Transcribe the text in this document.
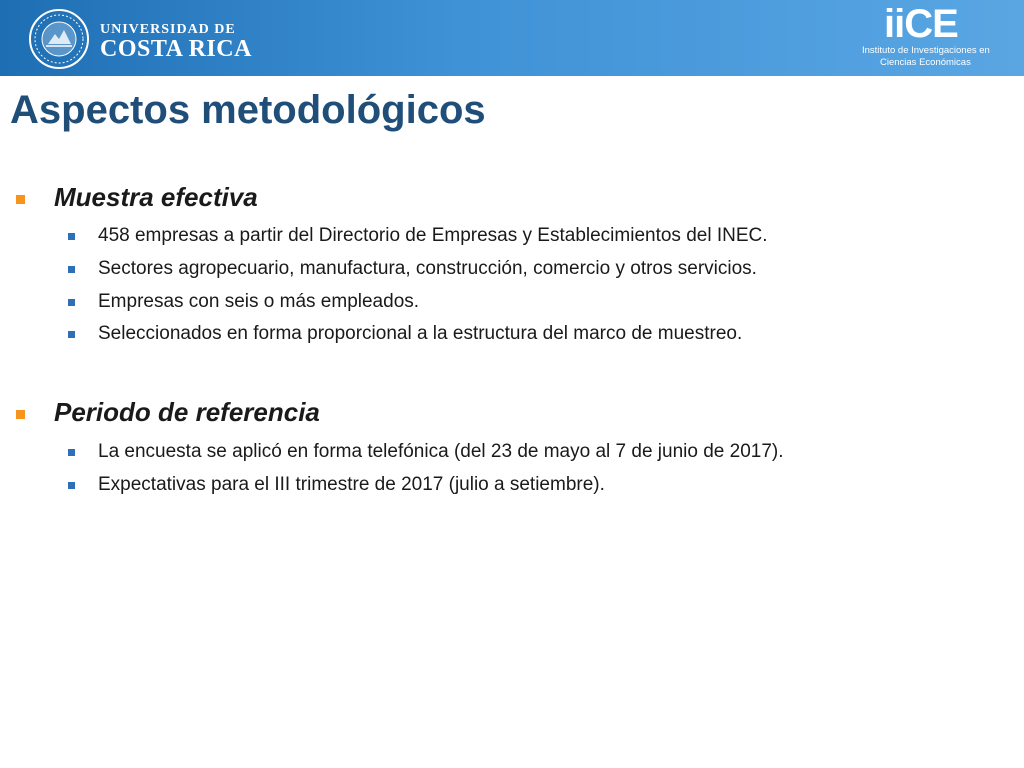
UNIVERSIDAD DE
COSTA RICA
iiCE
Instituto de Investigaciones en
Ciencias Económicas
Aspectos metodológicos
Muestra efectiva
458 empresas a partir del Directorio de Empresas y Establecimientos del INEC.
Sectores agropecuario, manufactura, construcción, comercio y otros servicios.
Empresas con seis o más empleados.
Seleccionados en forma proporcional a la estructura del marco de muestreo.
Periodo de referencia
La encuesta se aplicó en forma telefónica (del 23 de mayo al 7 de junio de 2017).
Expectativas para el III trimestre de 2017 (julio a setiembre).
